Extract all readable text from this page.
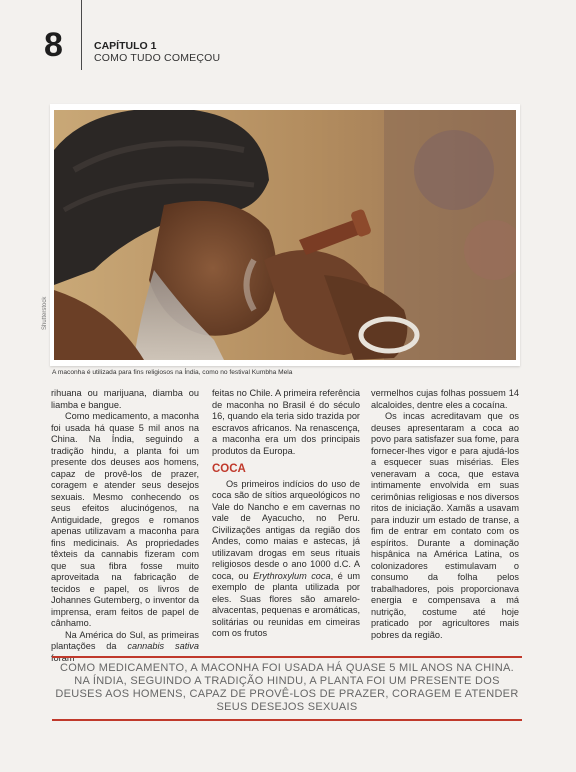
8	CAPÍTULO 1
COMO TUDO COMEÇOU
Shutterstock
A maconha é utilizada para fins religiosos na Índia, como no festival Kumbha Mela

rihuana ou marijuana, diamba ou liamba e bangue.

Como medicamento, a maconha foi usada há quase 5 mil anos na China. Na Índia, seguindo a tradição hindu, a planta foi um presente dos deuses aos homens, capaz de provê-los de prazer, coragem e atender seus desejos sexuais. Mesmo conhecendo os seus efeitos alucinógenos, na Antiguidade, gregos e romanos apenas utilizavam a maconha para fins medicinais. As propriedades têxteis da cannabis fizeram com que sua fibra fosse muito aproveitada na fabricação de tecidos e papel, os livros de Johannes Gutemberg, o inventor da imprensa, eram feitos de papel de cânhamo.

Na América do Sul, as primeiras plantações da cannabis sativa

feitas no Chile. A primeira referência de maconha no Brasil é do século 16, quando ela teria sido trazida por escravos africanos. Na renascença, a maconha era um dos principais produtos da Europa.

COCA

Os primeiros indícios do uso de coca são de sítios arqueológicos no Vale do Nancho e em cavernas no vale de Ayacucho, no Peru. Civilizações antigas da região dos Andes, como maias e astecas, já utilizavam drogas em seus rituais religiosos desde o ano 1000 d.C. A coca, ou Erythroxylum coca, é um exemplo de planta utilizada por eles. Suas flores são amarelo-alvacentas, pequenas e aromáticas, solitárias ou reunidas em cimeiras com os frutos

vermelhos cujas folhas possuem 14 alcaloides, dentre eles a cocaína.

Os incas acreditavam que os deuses apresentaram a coca ao povo para satisfazer sua fome, para fornecer-lhes vigor e para ajudá-los a esquecer suas misérias. Eles veneravam a coca, que estava intimamente envolvida em suas cerimônias religiosas e nos diversos ritos de iniciação. Xamãs a usavam para induzir um estado de transe, a fim de entrar em contato com os espíritos. Durante a dominação hispânica na América Latina, os colonizadores estimulavam o consumo da folha pelos trabalhadores, pois proporcionava energia e compensava a má nutrição, costume até hoje praticado por agricultores mais pobres da região.

COMO MEDICAMENTO, A MACONHA FOI USADA HÁ QUASE 5 MIL ANOS NA CHINA. NA ÍNDIA, SEGUINDO A TRADIÇÃO HINDU, A PLANTA FOI UM PRESENTE DOS DEUSES AOS HOMENS, CAPAZ DE PROVÊ-LOS DE PRAZER, CORAGEM E ATENDER SEUS DESEJOS SEXUAIS
